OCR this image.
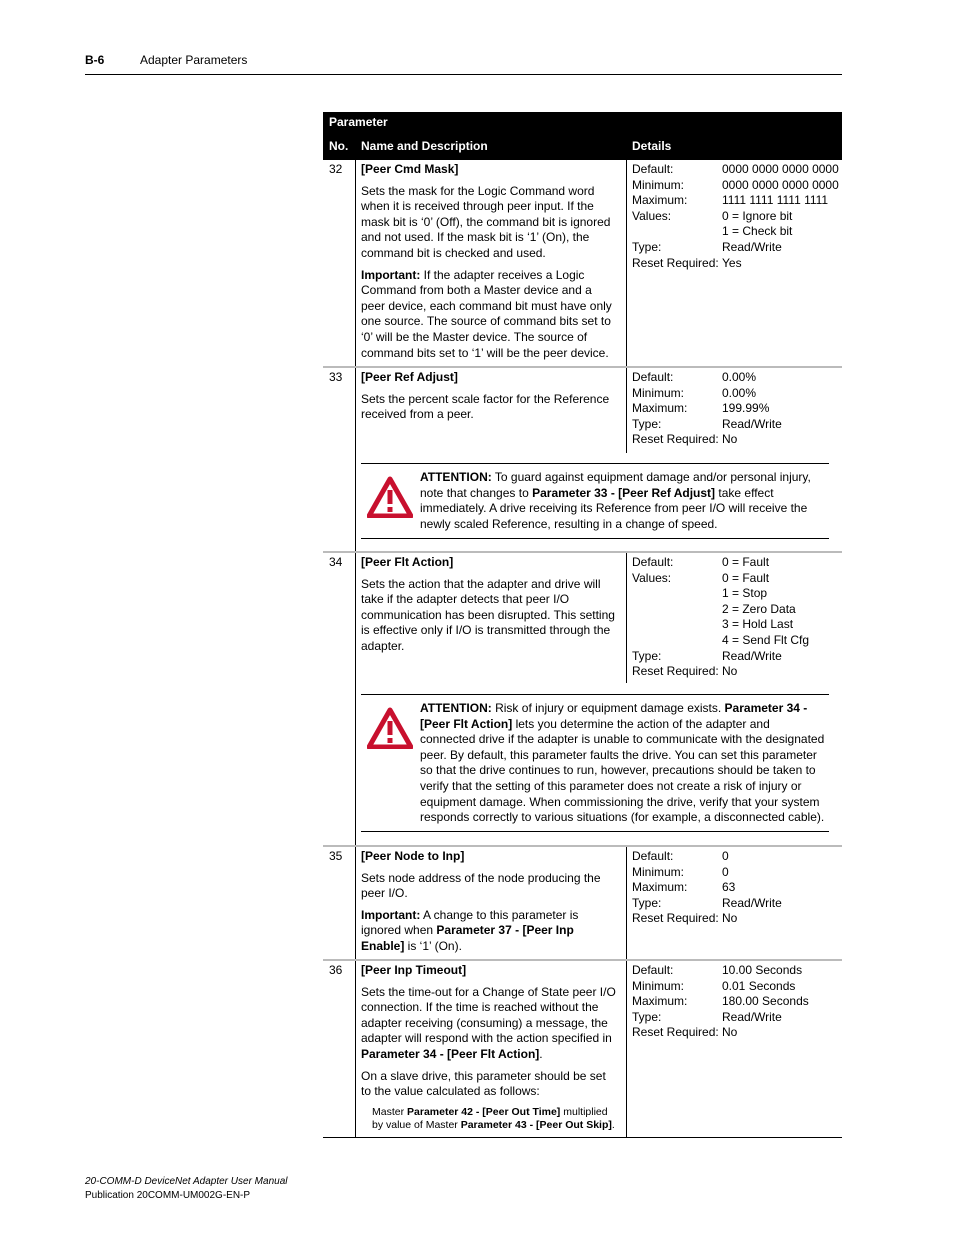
B-6	Adapter Parameters
Parameter
No. Name and Description	Details
32 [Peer Cmd Mask]

Sets the mask for the Logic Command word when it is received through peer input. If the mask bit is ‘0’ (Off), the command bit is ignored and not used. If the mask bit is ‘1’ (On), the command bit is checked and used.

Important: If the adapter receives a Logic Command from both a Master device and a peer device, each command bit must have only one source. The source of command bits set to ‘0’ will be the Master device. The source of command bits set to ‘1’ will be the peer device.

Default:	0000 0000 0000 0000
Minimum:	0000 0000 0000 0000
Maximum:	1111 1111 1111 1111
Values:	0 = Ignore bit
1 = Check bit
Type:	Read/Write
Reset Required: Yes
33 [Peer Ref Adjust]

Sets the percent scale factor for the Reference received from a peer.

Default:	0.00%
Minimum:	0.00%
Maximum:	199.99%
Type:	Read/Write
Reset Required: No
ATTENTION: To guard against equipment damage and/or personal injury, note that changes to Parameter 33 - [Peer Ref Adjust] take effect immediately. A drive receiving its Reference from peer I/O will receive the newly scaled Reference, resulting in a change of speed.
34 [Peer Flt Action]

Sets the action that the adapter and drive will take if the adapter detects that peer I/O communication has been disrupted. This setting is effective only if I/O is transmitted through the adapter.

Default:	0 = Fault
Values:	0 = Fault
1 = Stop
2 = Zero Data
3 = Hold Last
4 = Send Flt Cfg
Type:	Read/Write
Reset Required: No
ATTENTION: Risk of injury or equipment damage exists. Parameter 34 - [Peer Flt Action] lets you determine the action of the adapter and connected drive if the adapter is unable to communicate with the designated peer. By default, this parameter faults the drive. You can set this parameter so that the drive continues to run, however, precautions should be taken to verify that the setting of this parameter does not create a risk of injury or equipment damage. When commissioning the drive, verify that your system responds correctly to various situations (for example, a disconnected cable).
35 [Peer Node to Inp]

Sets node address of the node producing the peer I/O.

Important: A change to this parameter is ignored when Parameter 37 - [Peer Inp Enable] is ‘1’ (On).

Default:	0
Minimum:	0
Maximum:	63
Type:	Read/Write
Reset Required: No
36 [Peer Inp Timeout]

Sets the time-out for a Change of State peer I/O connection. If the time is reached without the adapter receiving (consuming) a message, the adapter will respond with the action specified in Parameter 34 - [Peer Flt Action].

On a slave drive, this parameter should be set to the value calculated as follows:

Master Parameter 42 - [Peer Out Time] multiplied by value of Master Parameter 43 - [Peer Out Skip].
Default:	10.00 Seconds
Minimum:	0.01 Seconds
Maximum:	180.00 Seconds
Type:	Read/Write
Reset Required: No
20-COMM-D DeviceNet Adapter User Manual
Publication 20COMM-UM002G-EN-P
